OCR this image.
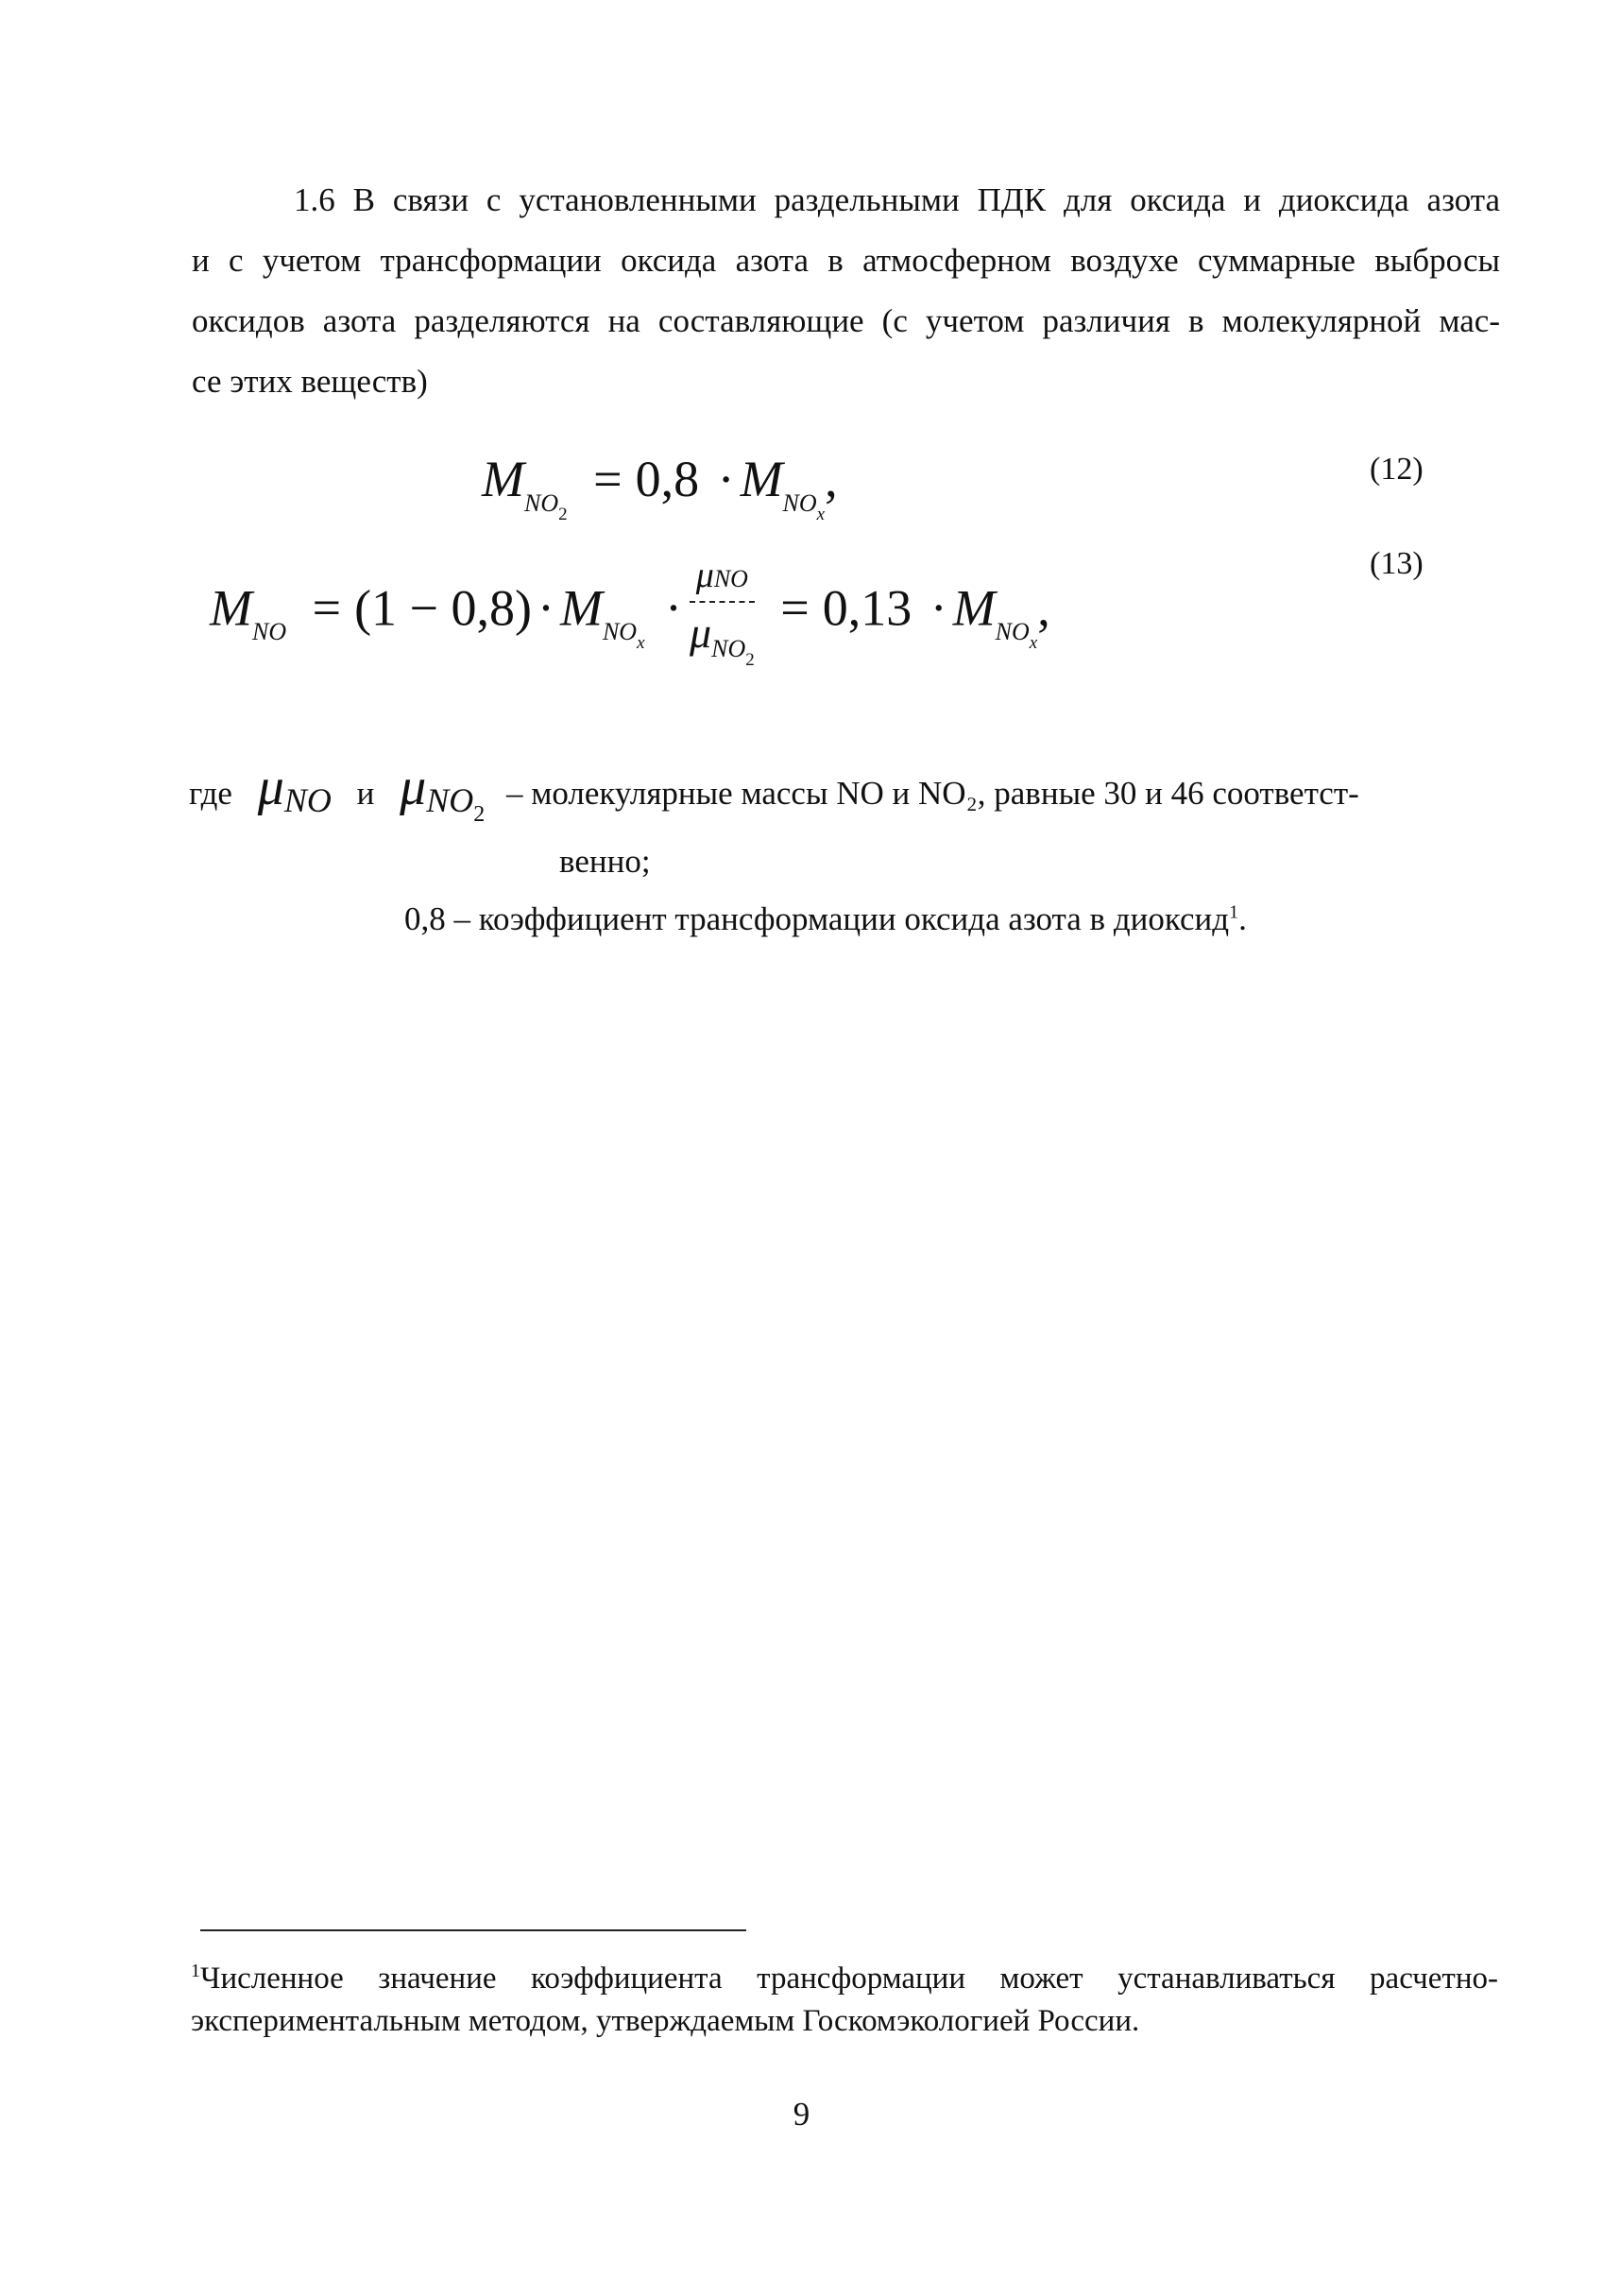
1.6 В связи с установленными раздельными ПДК для оксида и диоксида азота
и с учетом трансформации оксида азота в атмосферном воздухе суммарные выбросы
оксидов азота разделяются на составляющие (с учетом различия в молекулярной мас-
се этих веществ)
$M_{NO_2} = 0,8 \cdot M_{NO_x}$,	(12)
$M_{NO} = (1 - 0,8) \cdot M_{NO_x} \cdot \frac{\text{μNO}}{\mu_{NO_2}} = 0,13 \cdot M_{NO_x}$,
(13)
где μNO и μNO$_2$ – молекулярные массы NO и NO₂, равные 30 и 46 соответст-
венно;
0,8 – коэффициент трансформации оксида азота в диоксид$^1$.
$^1$Численное значение коэффициента трансформации может устанавливаться расчетно-
экспериментальным методом, утверждаемым Госкомэкологией России.
9
